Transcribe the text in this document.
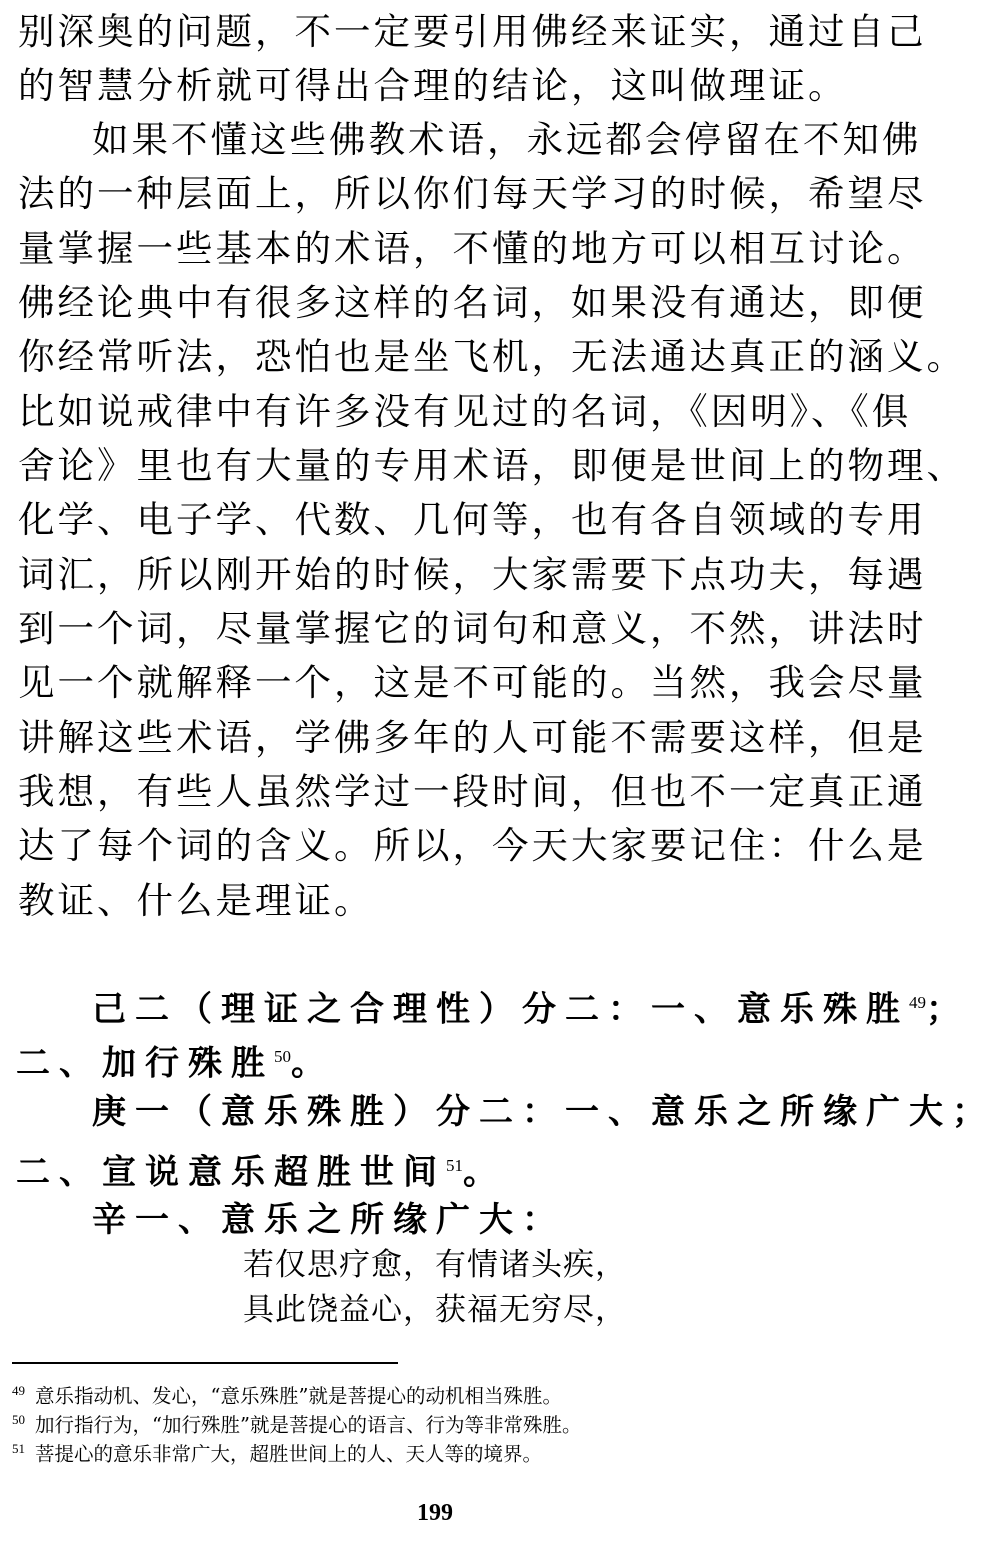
别深奥的问题，不一定要引用佛经来证实，通过自己
的智慧分析就可得出合理的结论，这叫做理证。
如果不懂这些佛教术语，永远都会停留在不知佛
法的一种层面上，所以你们每天学习的时候，希望尽
量掌握一些基本的术语，不懂的地方可以相互讨论。
佛经论典中有很多这样的名词，如果没有通达，即便
你经常听法，恐怕也是坐飞机，无法通达真正的涵义。
比如说戒律中有许多没有见过的名词，《因明》、《俱
舍论》里也有大量的专用术语，即便是世间上的物理、
化学、电子学、代数、几何等，也有各自领域的专用
词汇，所以刚开始的时候，大家需要下点功夫，每遇
到一个词，尽量掌握它的词句和意义，不然，讲法时
见一个就解释一个，这是不可能的。当然，我会尽量
讲解这些术语，学佛多年的人可能不需要这样，但是
我想，有些人虽然学过一段时间，但也不一定真正通
达了每个词的含义。所以，今天大家要记住：什么是
教证、什么是理证。
己二（理证之合理性）分二：一、意乐殊胜$^{49}$；
二、加行殊胜$^{50}$。
庚一（意乐殊胜）分二：一、意乐之所缘广大；
二、宣说意乐超胜世间$^{51}$。
辛一、意乐之所缘广大：
若仅思疗愈，有情诸头疾，
具此饶益心，获福无穷尽，
$^{49}$ 意乐指动机、发心，“意乐殊胜”就是菩提心的动机相当殊胜。
$^{50}$ 加行指行为，“加行殊胜”就是菩提心的语言、行为等非常殊胜。
$^{51}$ 菩提心的意乐非常广大，超胜世间上的人、天人等的境界。
199
